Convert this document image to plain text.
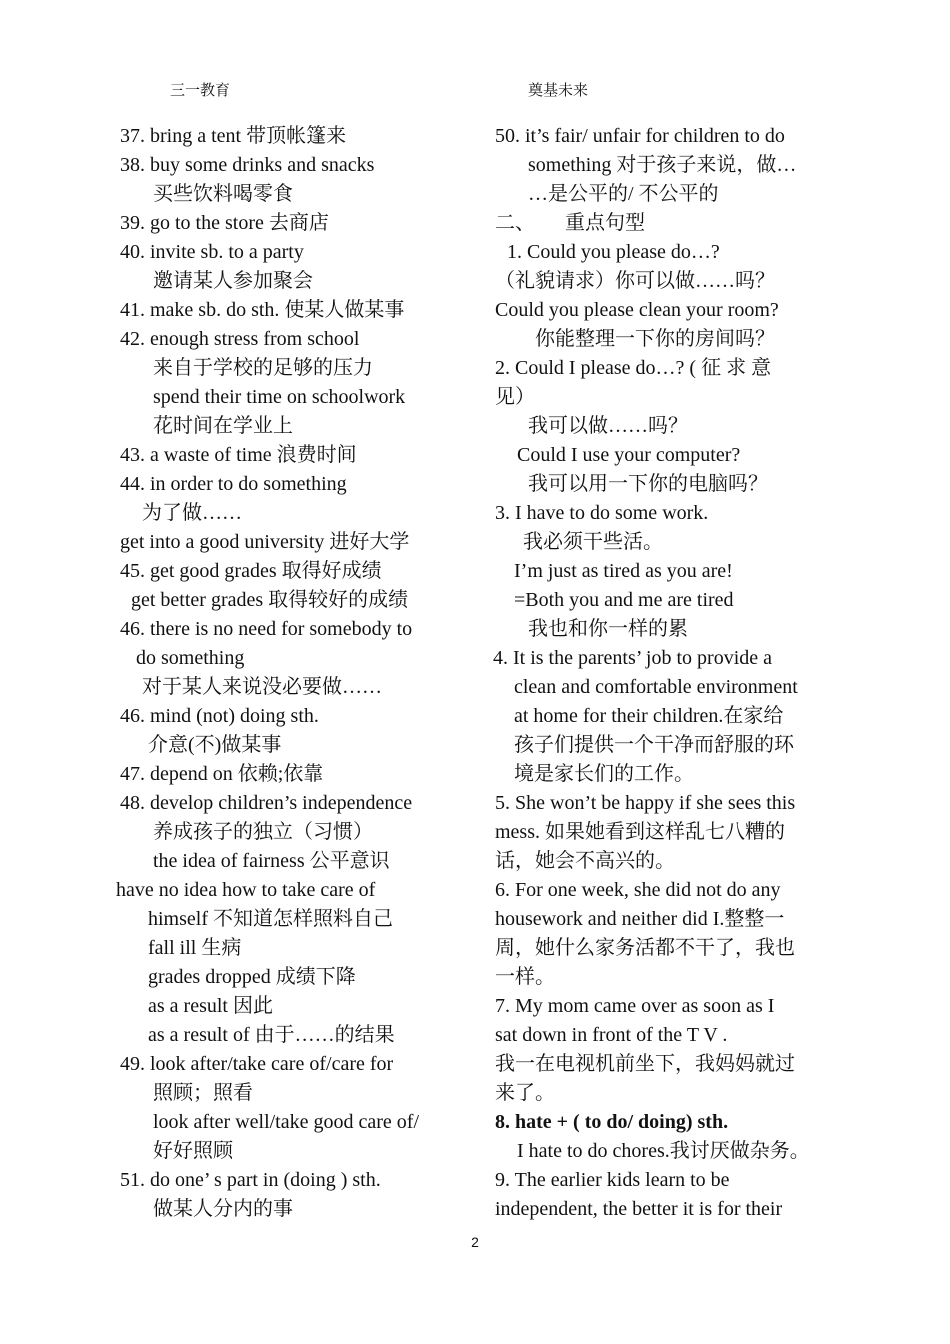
三一教育	奠基未来
37. bring a tent 带顶帐篷来
38. buy some drinks and snacks
买些饮料喝零食
39. go to the store 去商店
40. invite sb. to a party
邀请某人参加聚会
41. make sb. do sth. 使某人做某事
42. enough stress from school
来自于学校的足够的压力
spend their time on schoolwork
花时间在学业上
43. a waste of time 浪费时间
44. in order to do something
为了做……
get into a good university 进好大学
45. get good grades 取得好成绩
get better grades 取得较好的成绩
46. there is no need for somebody to
do something
对于某人来说没必要做……
46. mind (not) doing sth.
介意(不)做某事
47. depend on 依赖;依靠
48. develop children’s independence
养成孩子的独立（习惯）
the idea of fairness 公平意识
have no idea how to take care of
himself 不知道怎样照料自己
fall ill 生病
grades dropped 成绩下降
as a result 因此
as a result of 由于……的结果
49. look after/take care of/care for
照顾；照看
look after well/take good care of/
好好照顾
51. do one’ s part in (doing ) sth.
做某人分内的事
50. it’s fair/ unfair for children to do
something 对于孩子来说，做…
…是公平的/ 不公平的
二、      重点句型
1. Could you please do…?
（礼貌请求）你可以做……吗？
Could you please clean your room?
你能整理一下你的房间吗？
2. Could I please do…? ( 征 求 意
见）
我可以做……吗？
Could I use your computer?
我可以用一下你的电脑吗？
3. I have to do some work.
我必须干些活。
I’m just as tired as you are!
=Both you and me are tired
我也和你一样的累
4. It is the parents’ job to provide a
clean and comfortable environment
at home for their children.在家给
孩子们提供一个干净而舒服的环
境是家长们的工作。
5. She won’t be happy if she sees this
mess. 如果她看到这样乱七八糟的
话，她会不高兴的。
6. For one week, she did not do any
housework and neither did I.整整一
周，她什么家务活都不干了，我也
一样。
7. My mom came over as soon as I
sat down in front of the T V .
我一在电视机前坐下，我妈妈就过
来了。
8. hate + ( to do/ doing) sth.
I hate to do chores.我讨厌做杂务。
9. The earlier kids learn to be
independent, the better it is for their
2
